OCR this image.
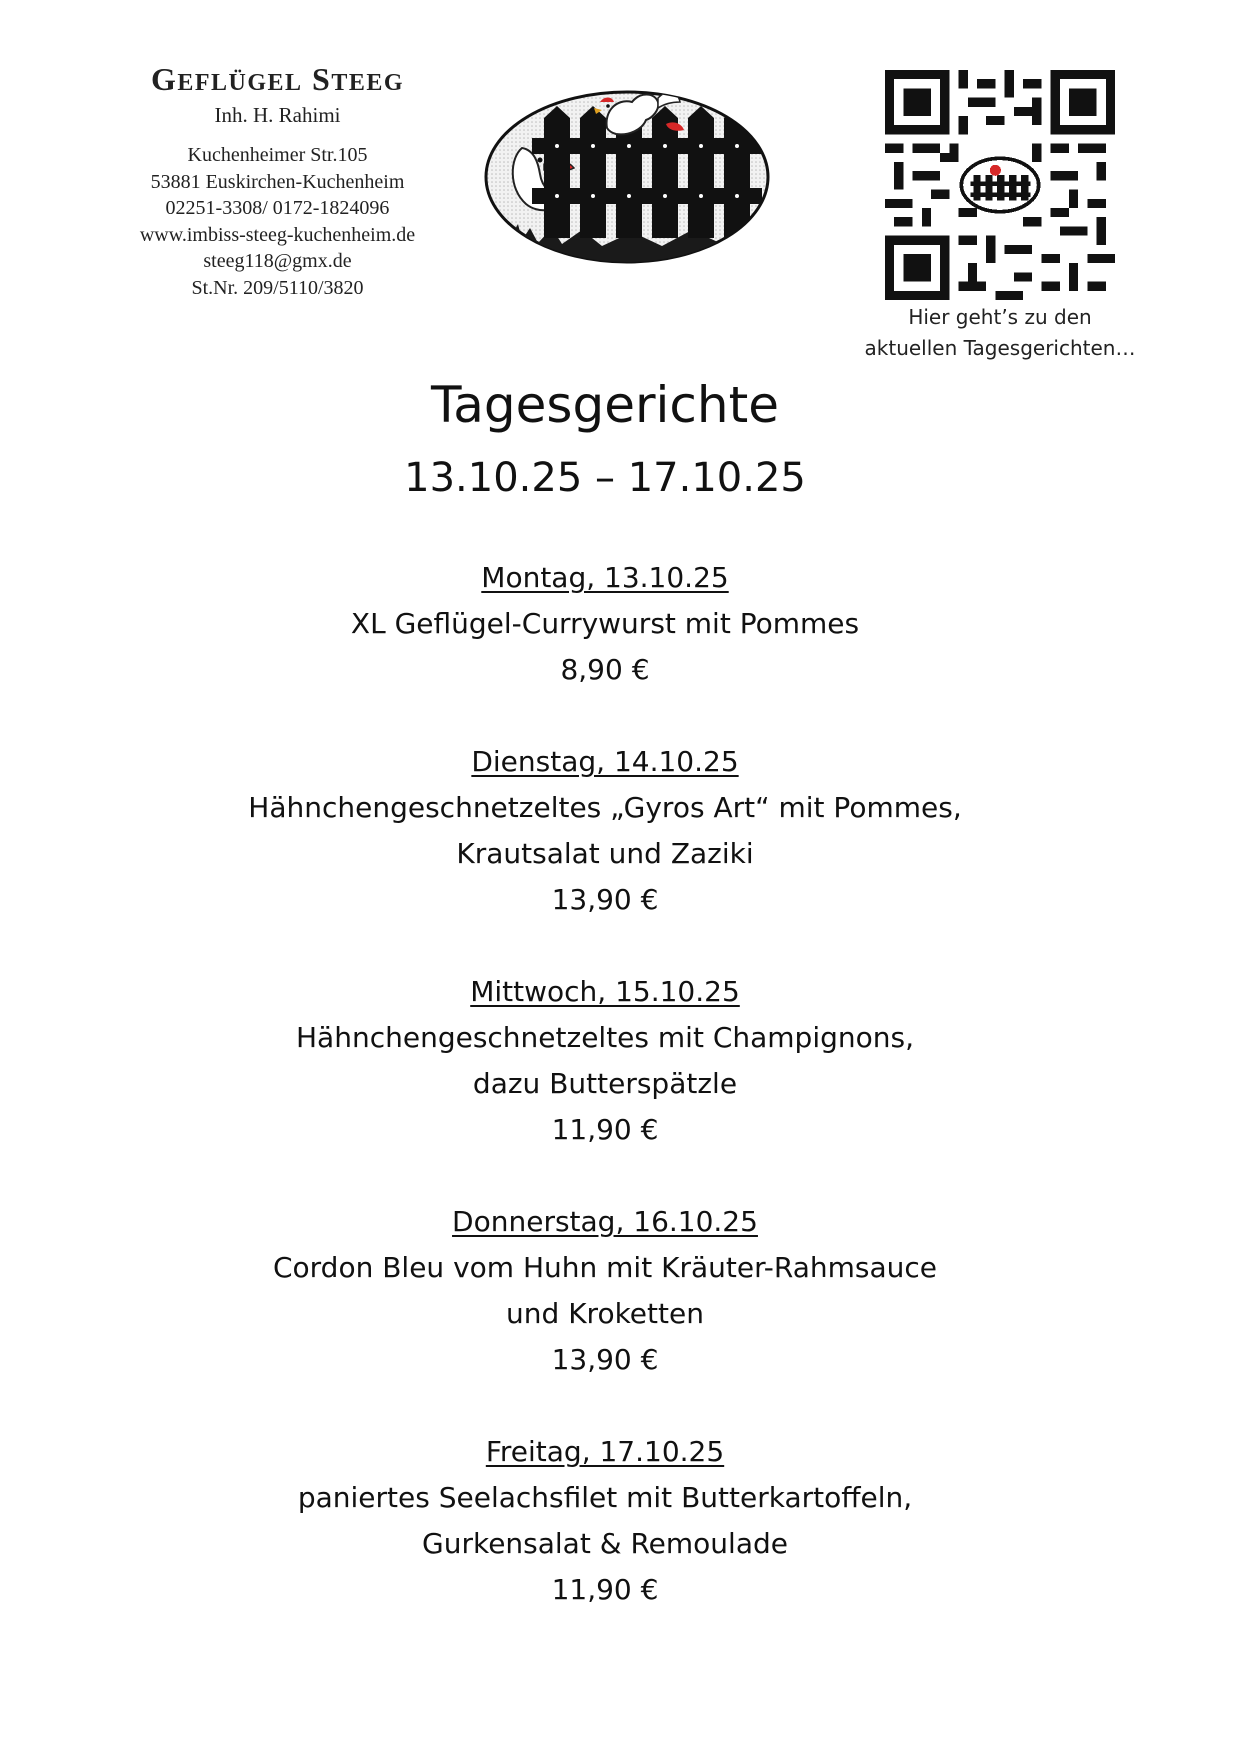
GEFLÜGEL STEEG
Inh. H. Rahimi
Kuchenheimer Str.105
53881 Euskirchen-Kuchenheim
02251-3308/ 0172-1824096
www.imbiss-steeg-kuchenheim.de
steeg118@gmx.de
St.Nr. 209/5110/3820
Hier geht’s zu den
aktuellen Tagesgerichten…
Tagesgerichte
13.10.25 – 17.10.25
Montag, 13.10.25
XL Geflügel-Currywurst mit Pommes
8,90 €
Dienstag, 14.10.25
Hähnchengeschnetzeltes „Gyros Art“ mit Pommes,
Krautsalat und Zaziki
13,90 €
Mittwoch, 15.10.25
Hähnchengeschnetzeltes mit Champignons,
dazu Butterspätzle
11,90 €
Donnerstag, 16.10.25
Cordon Bleu vom Huhn mit Kräuter-Rahmsauce
und Kroketten
13,90 €
Freitag, 17.10.25
paniertes Seelachsfilet mit Butterkartoffeln,
Gurkensalat & Remoulade
11,90 €
